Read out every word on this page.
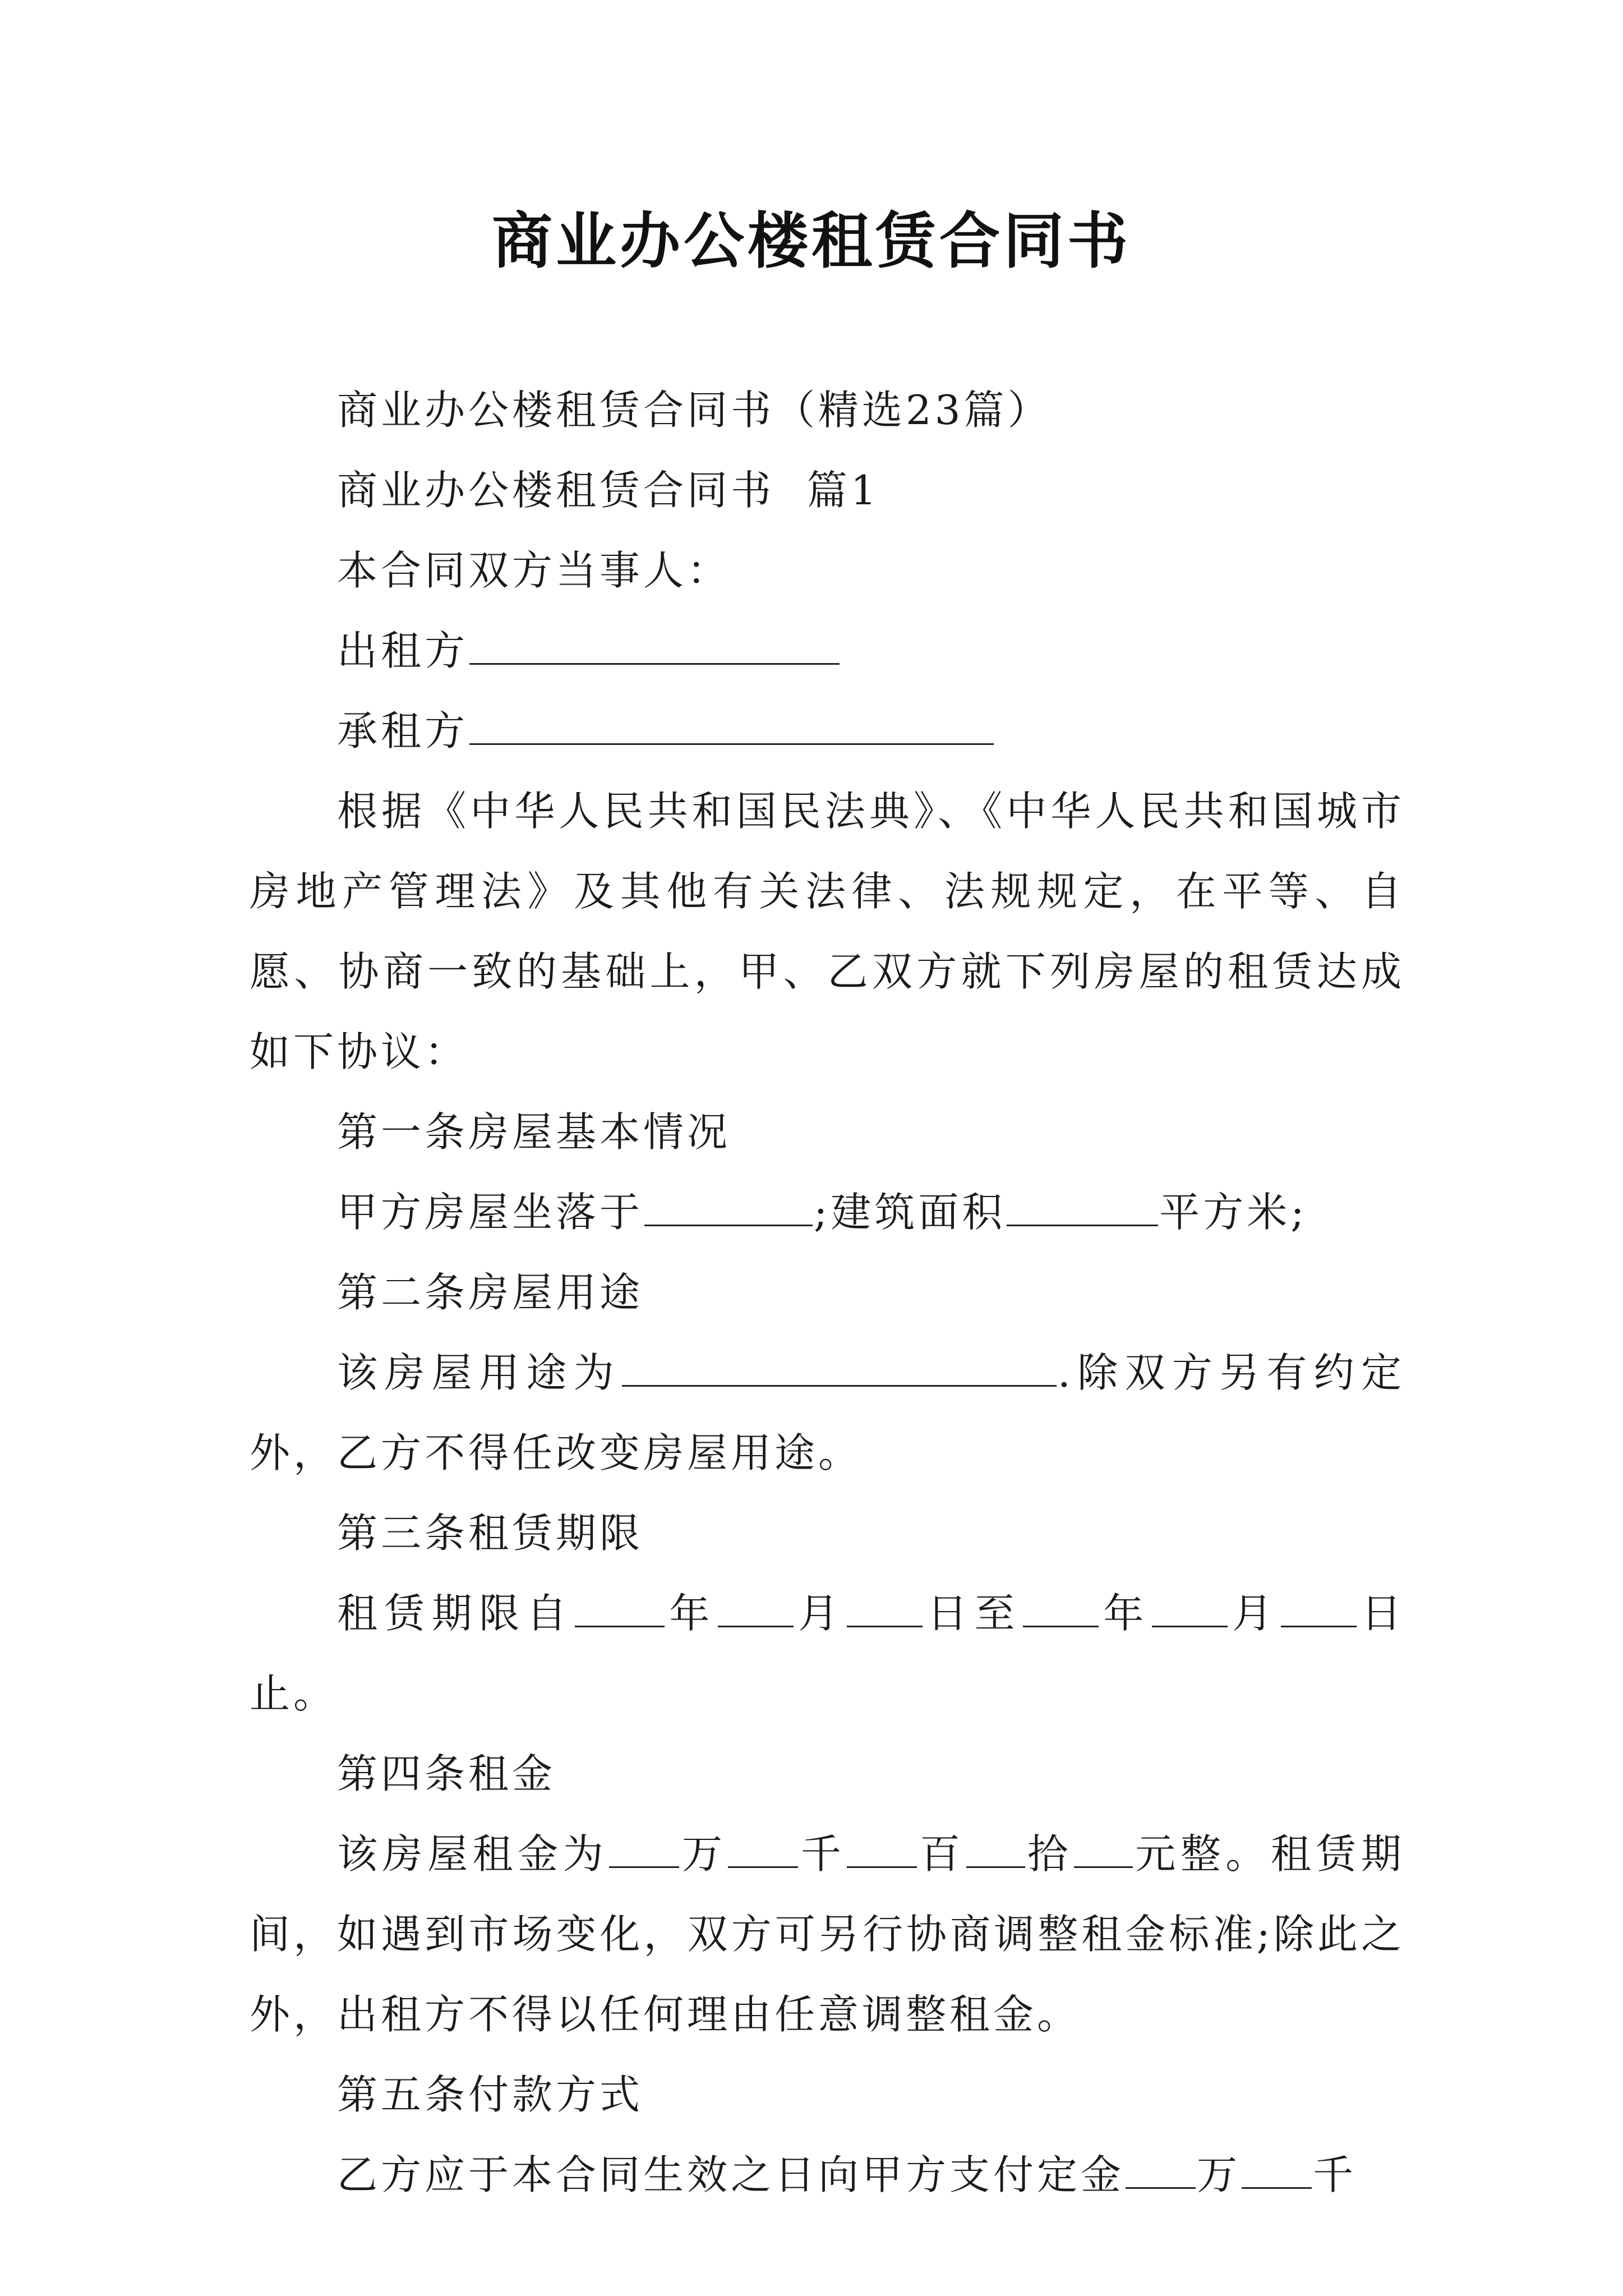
商业办公楼租赁合同书

商业办公楼租赁合同书（精选23篇）

商业办公楼租赁合同书  篇1

本合同双方当事人：

出租方

承租方

根据《中华人民共和国民法典》、《中华人民共和国城市房地产管理法》及其他有关法律、法规规定，在平等、自愿、协商一致的基础上，甲、乙双方就下列房屋的租赁达成如下协议：

第一条房屋基本情况

甲方房屋坐落于	;建筑面积	平方米;

第二条房屋用途

该房屋用途为	.除双方另有约定外，乙方不得任改变房屋用途。

第三条租赁期限

租赁期限自 年 月 日至 年 月 日止。

第四条租金

该房屋租金为 万 千 百 拾 元整。租赁期间，如遇到市场变化，双方可另行协商调整租金标准;除此之外，出租方不得以任何理由任意调整租金。

第五条付款方式

乙方应于本合同生效之日向甲方支付定金 万 千
